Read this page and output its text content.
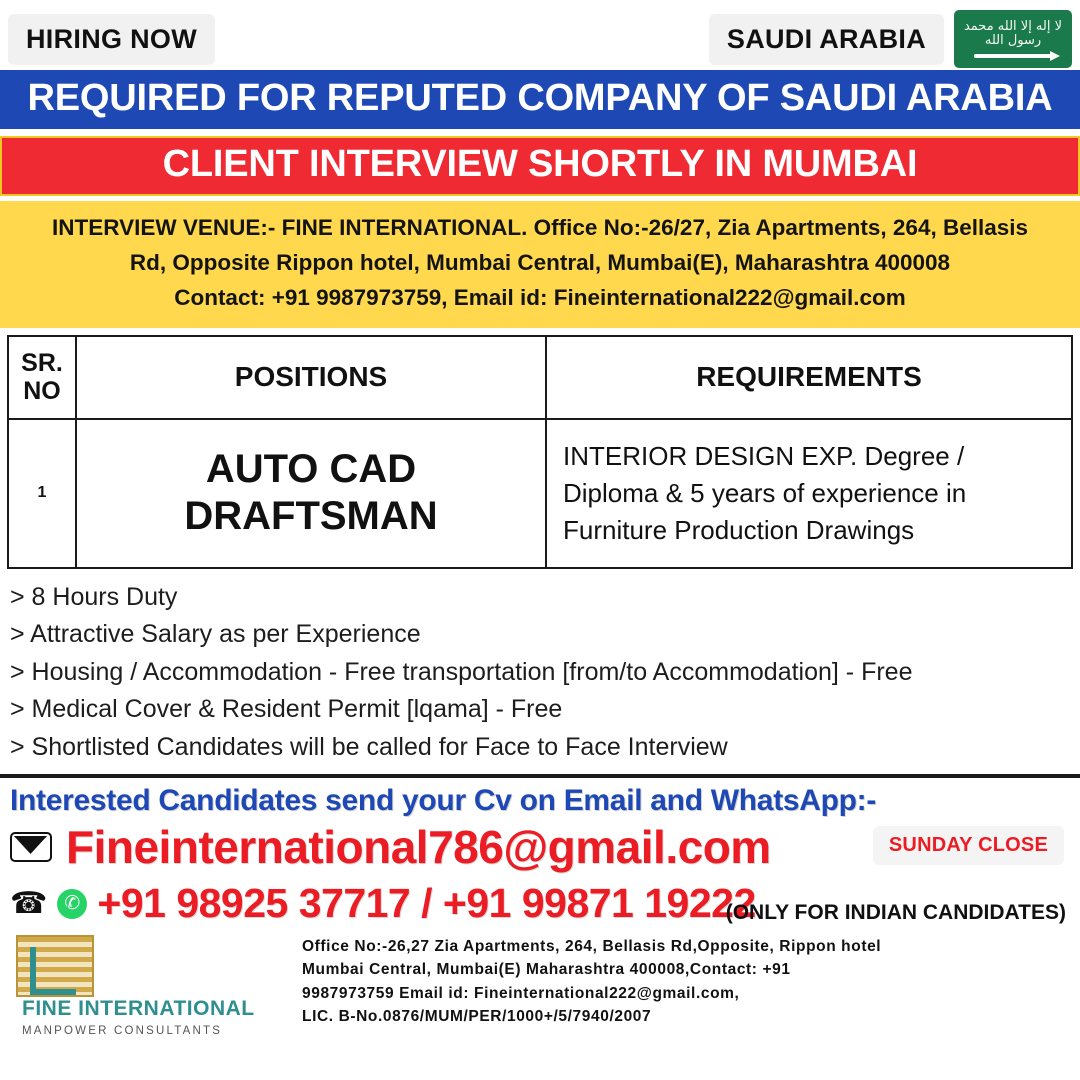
HIRING NOW	SAUDI ARABIA	لا إله إلا الله محمد رسول الله
REQUIRED FOR REPUTED COMPANY OF SAUDI ARABIA
CLIENT INTERVIEW SHORTLY IN MUMBAI
INTERVIEW VENUE:- FINE INTERNATIONAL. Office No:-26/27, Zia Apartments, 264, Bellasis
Rd, Opposite Rippon hotel, Mumbai Central, Mumbai(E), Maharashtra 400008
Contact: +91 9987973759, Email id: Fineinternational222@gmail.com
SR. NO	POSITIONS	REQUIREMENTS
1	AUTO CAD DRAFTSMAN	INTERIOR DESIGN EXP. Degree / Diploma & 5 years of experience in Furniture Production Drawings
> 8 Hours Duty
> Attractive Salary as per Experience
> Housing / Accommodation - Free transportation [from/to Accommodation] - Free
> Medical Cover & Resident Permit [lqama] - Free
> Shortlisted Candidates will be called for Face to Face Interview
Interested Candidates send your Cv on Email and WhatsApp:-
Fineinternational786@gmail.com	SUNDAY CLOSE
☎ ✆ +91 98925 37717 / +91 99871 19222
(ONLY FOR INDIAN CANDIDATES)
FINE INTERNATIONAL
MANPOWER CONSULTANTS
Office No:-26,27 Zia Apartments, 264, Bellasis Rd,Opposite, Rippon hotel
Mumbai Central, Mumbai(E) Maharashtra 400008,Contact: +91
9987973759 Email id: Fineinternational222@gmail.com,
LIC. B-No.0876/MUM/PER/1000+/5/7940/2007
